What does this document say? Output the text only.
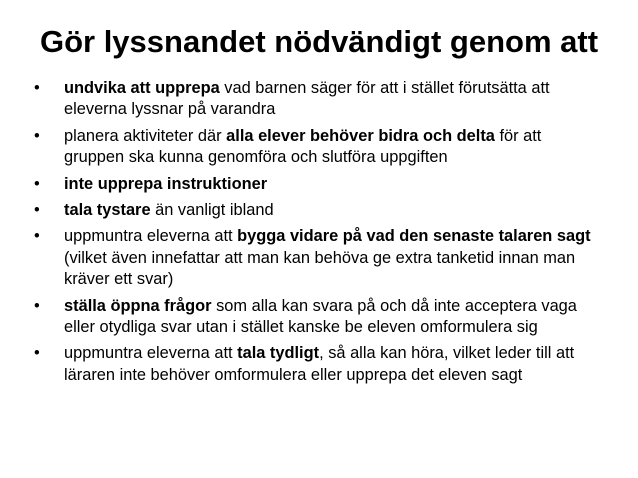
Gör lyssnandet nödvändigt genom att
•	undvika att upprepa vad barnen säger för att i stället förutsätta att eleverna lyssnar på varandra
•	planera aktiviteter där alla elever behöver bidra och delta för att gruppen ska kunna genomföra och slutföra uppgiften
•	inte upprepa instruktioner
•	tala tystare än vanligt ibland
•	uppmuntra eleverna att bygga vidare på vad den senaste talaren sagt (vilket även innefattar att man kan behöva ge extra tanketid innan man kräver ett svar)
•	ställa öppna frågor som alla kan svara på och då inte acceptera vaga eller otydliga svar utan i stället kanske be eleven omformulera sig
•	uppmuntra eleverna att tala tydligt, så alla kan höra, vilket leder till att läraren inte behöver omformulera eller upprepa det eleven sagt
